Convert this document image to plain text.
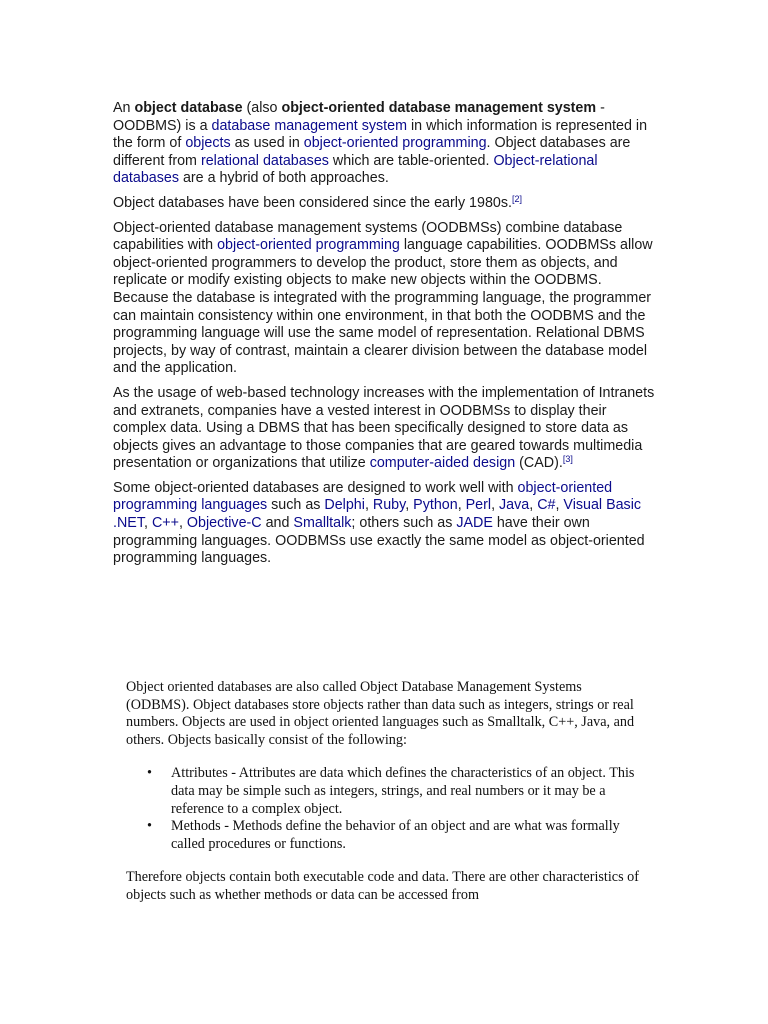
An object database (also object-oriented database management system - OODBMS) is a database management system in which information is represented in the form of objects as used in object-oriented programming. Object databases are different from relational databases which are table-oriented. Object-relational databases are a hybrid of both approaches.

Object databases have been considered since the early 1980s.[2]

Object-oriented database management systems (OODBMSs) combine database capabilities with object-oriented programming language capabilities. OODBMSs allow object-oriented programmers to develop the product, store them as objects, and replicate or modify existing objects to make new objects within the OODBMS. Because the database is integrated with the programming language, the programmer can maintain consistency within one environment, in that both the OODBMS and the programming language will use the same model of representation. Relational DBMS projects, by way of contrast, maintain a clearer division between the database model and the application.

As the usage of web-based technology increases with the implementation of Intranets and extranets, companies have a vested interest in OODBMSs to display their complex data. Using a DBMS that has been specifically designed to store data as objects gives an advantage to those companies that are geared towards multimedia presentation or organizations that utilize computer-aided design (CAD).[3]

Some object-oriented databases are designed to work well with object-oriented programming languages such as Delphi, Ruby, Python, Perl, Java, C#, Visual Basic .NET, C++, Objective-C and Smalltalk; others such as JADE have their own programming languages. OODBMSs use exactly the same model as object-oriented programming languages.

Object oriented databases are also called Object Database Management Systems (ODBMS). Object databases store objects rather than data such as integers, strings or real numbers. Objects are used in object oriented languages such as Smalltalk, C++, Java, and others. Objects basically consist of the following:

• Attributes - Attributes are data which defines the characteristics of an object. This data may be simple such as integers, strings, and real numbers or it may be a reference to a complex object.
• Methods - Methods define the behavior of an object and are what was formally called procedures or functions.

Therefore objects contain both executable code and data. There are other characteristics of objects such as whether methods or data can be accessed from
